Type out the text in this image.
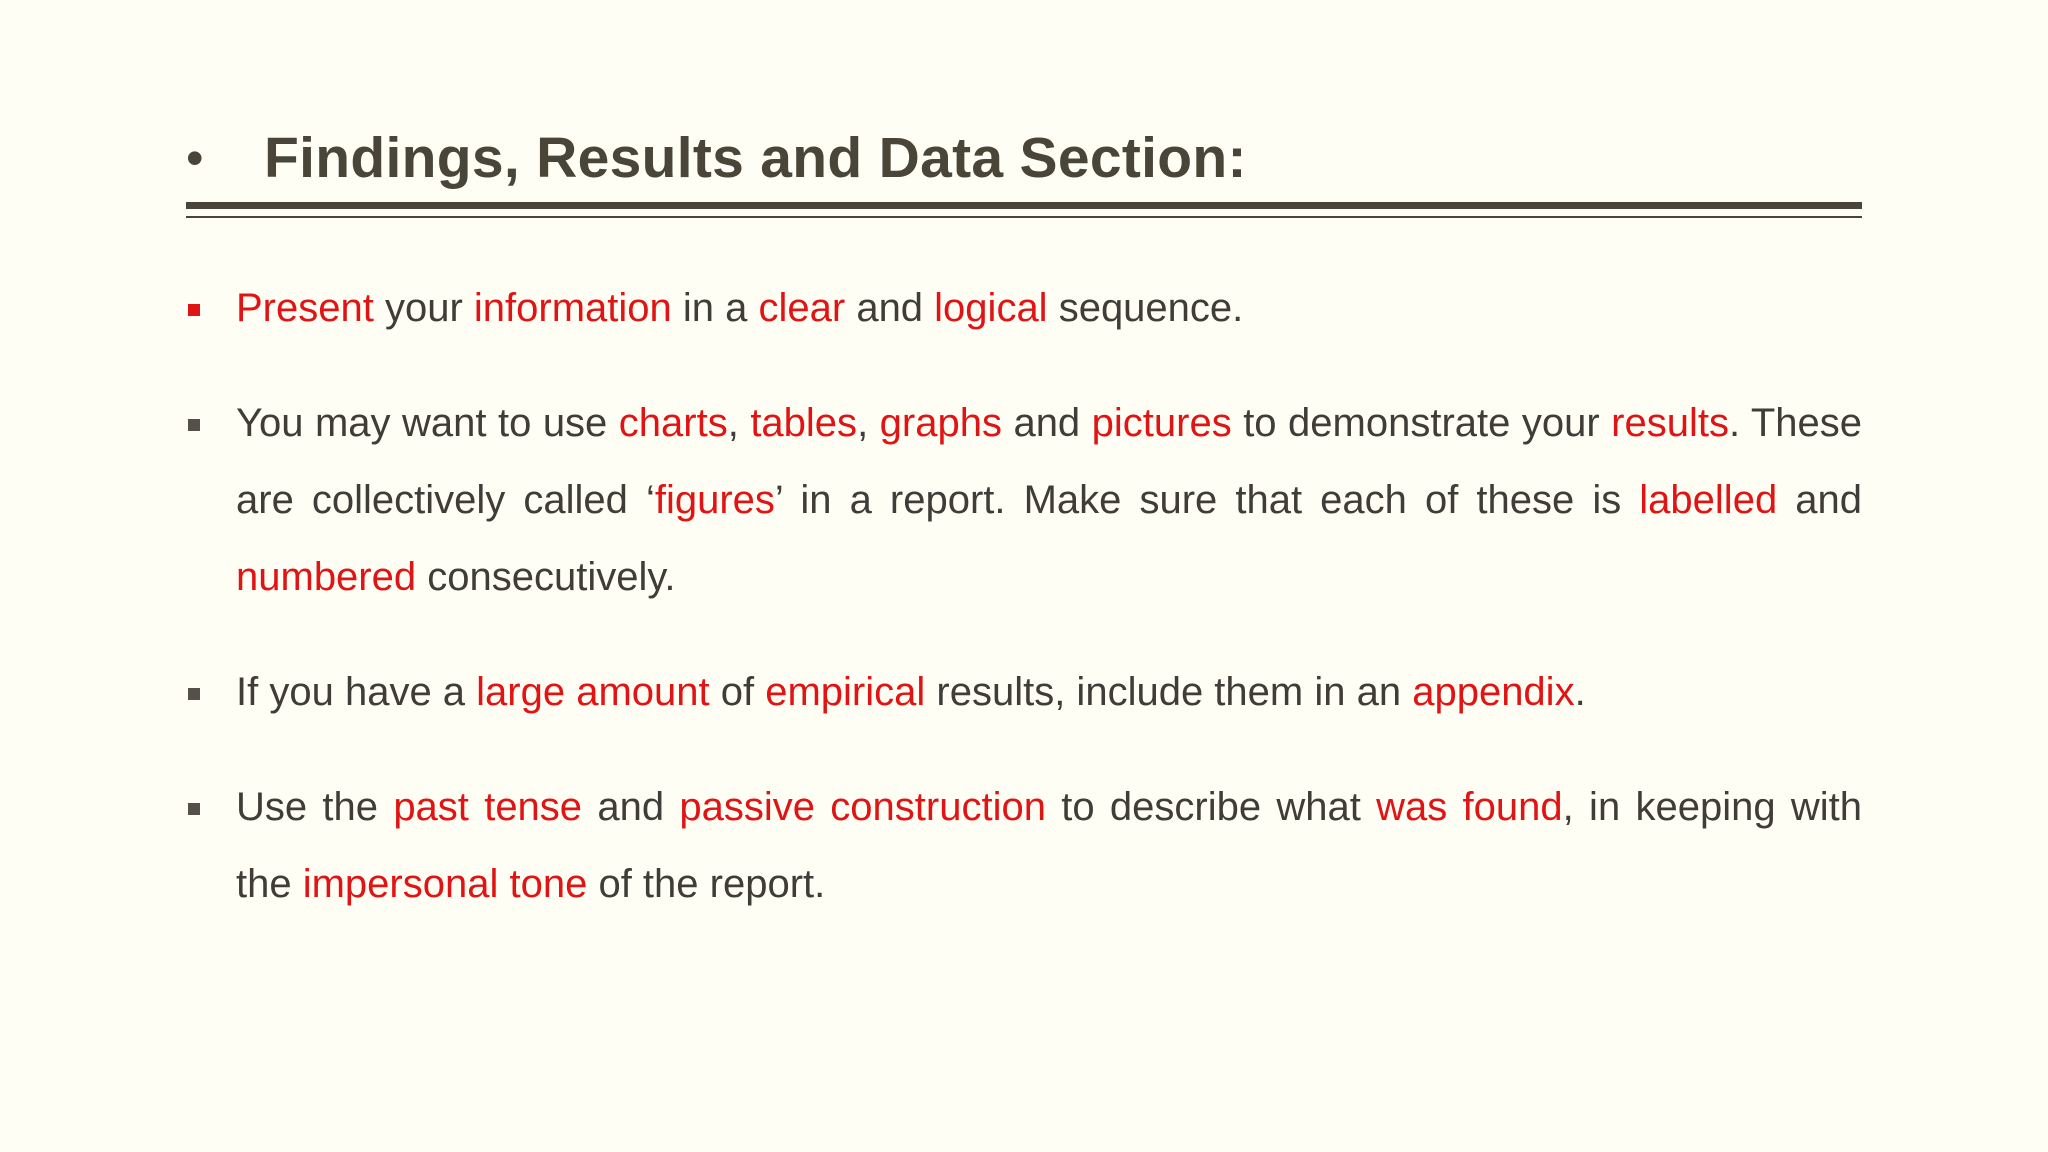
•	Findings, Results and Data Section:
Present your information in a clear and logical sequence.
You may want to use charts, tables, graphs and pictures to demonstrate your results. These are collectively called ‘figures’ in a report. Make sure that each of these is labelled and numbered consecutively.
If you have a large amount of empirical results, include them in an appendix.
Use the past tense and passive construction to describe what was found, in keeping with the impersonal tone of the report.
